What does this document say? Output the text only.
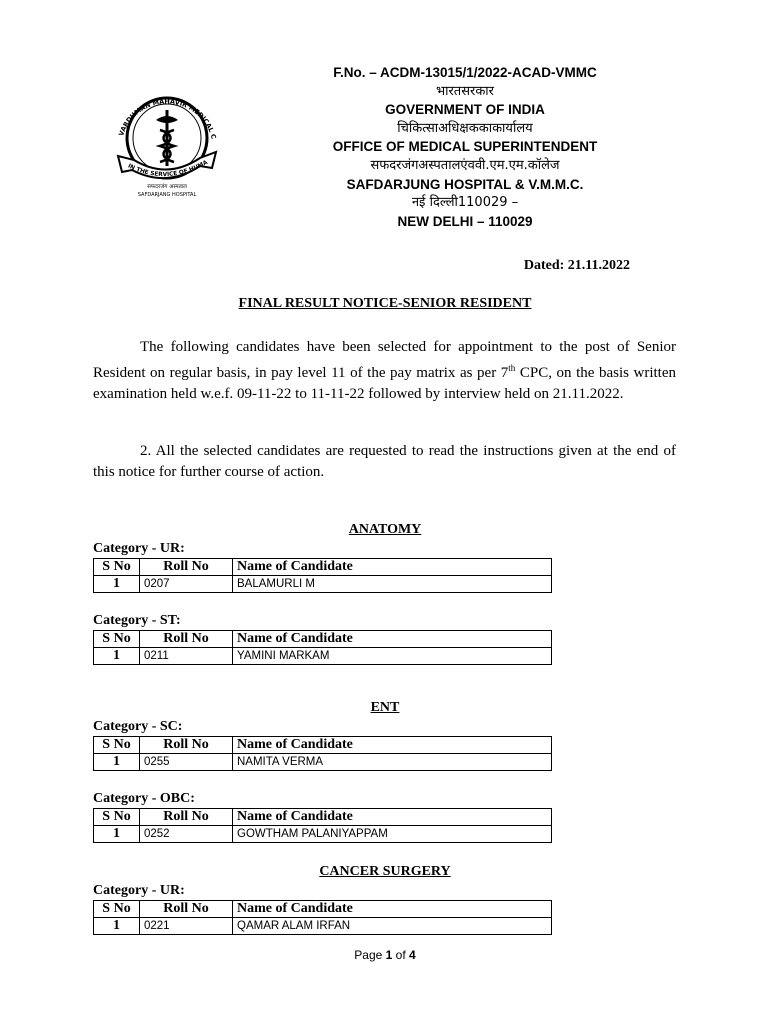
VARDHMAN MAHAVIR MEDICAL C
IN THE SERVICE OF HUMA
सफदरजंग अस्पताल
SAFDARJANG HOSPITAL
F.No. – ACDM-13015/1/2022-ACAD-VMMC
भारतसरकार
GOVERNMENT OF INDIA
चिकित्साअधिक्षककाकार्यालय
OFFICE OF MEDICAL SUPERINTENDENT
सफदरजंगअस्पतालएंववी.एम.एम.कॉलेज
SAFDARJUNG HOSPITAL & V.M.M.C.
नई दिल्ली110029 –
NEW DELHI – 110029
Dated: 21.11.2022
FINAL RESULT NOTICE-SENIOR RESIDENT

The following candidates have been selected for appointment to the post of Senior Resident on regular basis, in pay level 11 of the pay matrix as per 7th CPC, on the basis written examination held w.e.f. 09-11-22 to 11-11-22 followed by interview held on 21.11.2022.

2. All the selected candidates are requested to read the instructions given at the end of this notice for further course of action.

ANATOMY
Category - UR:
S No	Roll No	Name of Candidate
1	0207	BALAMURLI M
Category - ST:
S No	Roll No	Name of Candidate
1	0211	YAMINI MARKAM
ENT
Category - SC:
S No	Roll No	Name of Candidate
1	0255	NAMITA VERMA
Category - OBC:
S No	Roll No	Name of Candidate
1	0252	GOWTHAM PALANIYAPPAM
CANCER SURGERY
Category - UR:
S No	Roll No	Name of Candidate
1	0221	QAMAR ALAM IRFAN
Page 1 of 4
